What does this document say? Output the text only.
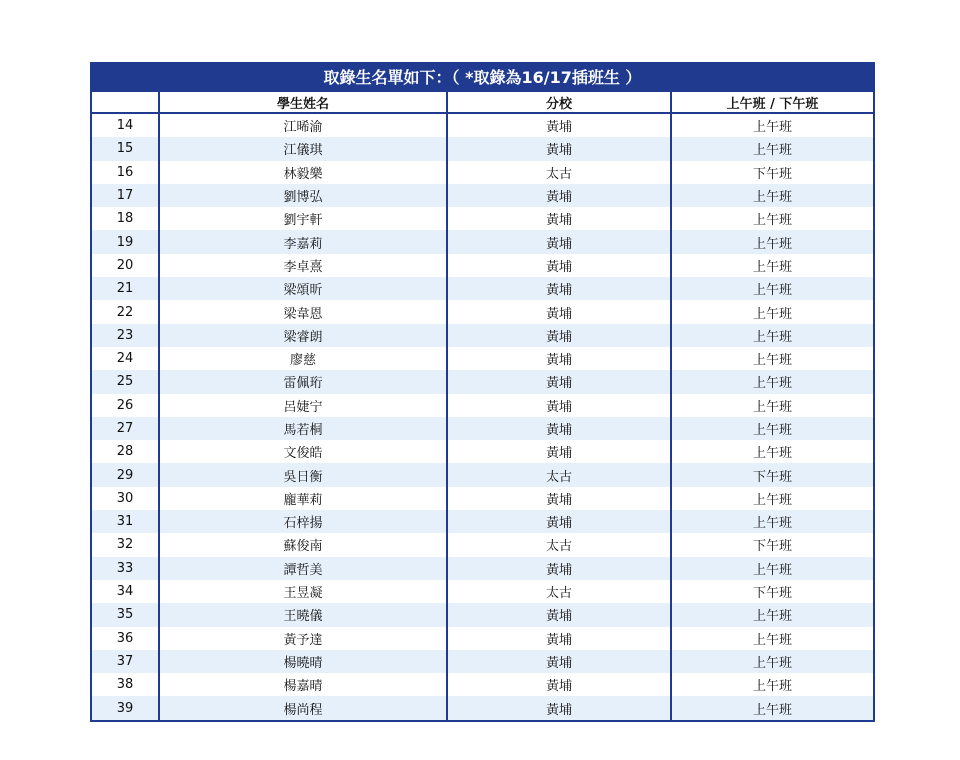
取錄生名單如下：（ *取錄為16/17插班生 ）
	學生姓名	分校	上午班 / 下午班
14	江晞渝	黃埔	上午班
15	江儀琪	黃埔	上午班
16	林毅樂	太古	下午班
17	劉博弘	黃埔	上午班
18	劉宇軒	黃埔	上午班
19	李嘉莉	黃埔	上午班
20	李卓熹	黃埔	上午班
21	梁頌昕	黃埔	上午班
22	梁韋恩	黃埔	上午班
23	梁睿朗	黃埔	上午班
24	廖慈	黃埔	上午班
25	雷佩珩	黃埔	上午班
26	呂婕宁	黃埔	上午班
27	馬若桐	黃埔	上午班
28	文俊皓	黃埔	上午班
29	吳日衡	太古	下午班
30	龐華莉	黃埔	上午班
31	石梓揚	黃埔	上午班
32	蘇俊南	太古	下午班
33	譚哲美	黃埔	上午班
34	王昱凝	太古	下午班
35	王曉儀	黃埔	上午班
36	黃予達	黃埔	上午班
37	楊曉晴	黃埔	上午班
38	楊嘉晴	黃埔	上午班
39	楊尚程	黃埔	上午班
